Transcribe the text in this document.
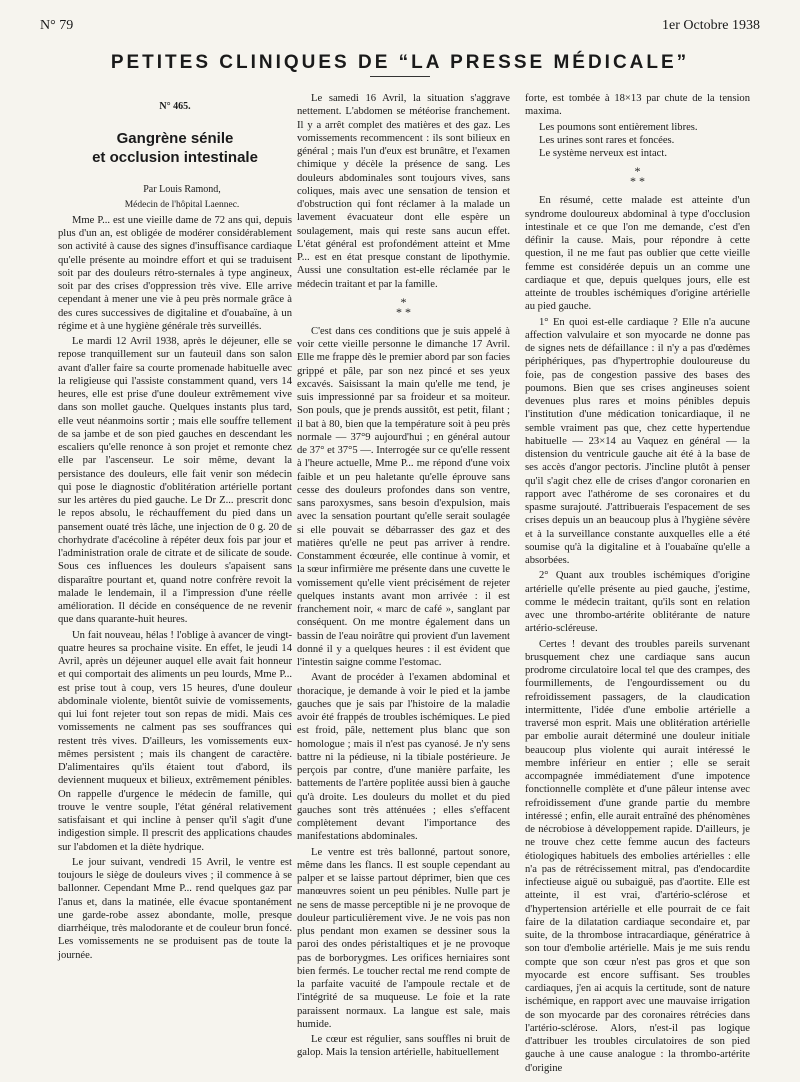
N° 79	1er Octobre 1938
PETITES CLINIQUES DE “LA PRESSE MÉDICALE”
N° 465.
Gangrène sénile
et occlusion intestinale

Par Louis Ramond,

Médecin de l'hôpital Laennec.

Mme P... est une vieille dame de 72 ans qui, depuis plus d'un an, est obligée de modérer considérablement son activité à cause des signes d'insuffisance cardiaque qu'elle présente au moindre effort et qui se traduisent soit par des douleurs rétro-sternales à type angineux, soit par des crises d'oppression très vive. Elle arrive cependant à mener une vie à peu près normale grâce à des cures successives de digitaline et d'ouabaïne, à un régime et à une hygiène générale très surveillés.

Le mardi 12 Avril 1938, après le déjeuner, elle se repose tranquillement sur un fauteuil dans son salon avant d'aller faire sa courte promenade habituelle avec la religieuse qui l'assiste constamment quand, vers 14 heures, elle est prise d'une douleur extrêmement vive dans son mollet gauche. Quelques instants plus tard, elle veut néanmoins sortir ; mais elle souffre tellement de sa jambe et de son pied gauches en descendant les escaliers qu'elle renonce à son projet et remonte chez elle par l'ascenseur. Le soir même, devant la persistance des douleurs, elle fait venir son médecin qui pose le diagnostic d'oblitération artérielle portant sur les artères du pied gauche. Le Dr Z... prescrit donc le repos absolu, le réchauffement du pied dans un pansement ouaté très lâche, une injection de 0 g. 20 de chorhydrate d'acécoline à répéter deux fois par jour et l'administration orale de citrate et de silicate de soude. Sous ces influences les douleurs s'apaisent sans disparaître pourtant et, quand notre confrère revoit la malade le lendemain, il a l'impression d'une réelle amélioration. Il décide en conséquence de ne revenir que dans quarante-huit heures.

Un fait nouveau, hélas ! l'oblige à avancer de vingt-quatre heures sa prochaine visite. En effet, le jeudi 14 Avril, après un déjeuner auquel elle avait fait honneur et qui comportait des aliments un peu lourds, Mme P... est prise tout à coup, vers 15 heures, d'une douleur abdominale violente, bientôt suivie de vomissements, qui lui font rejeter tout son repas de midi. Mais ces vomissements ne calment pas ses souffrances qui restent très vives. D'ailleurs, les vomissements eux-mêmes persistent ; mais ils changent de caractère. D'alimentaires qu'ils étaient tout d'abord, ils deviennent muqueux et bilieux, extrêmement pénibles. On rappelle d'urgence le médecin de famille, qui trouve le ventre souple, l'état général relativement satisfaisant et qui incline à penser qu'il s'agit d'une indigestion simple. Il prescrit des applications chaudes sur l'abdomen et la diète hydrique.

Le jour suivant, vendredi 15 Avril, le ventre est toujours le siège de douleurs vives ; il commence à se ballonner. Cependant Mme P... rend quelques gaz par l'anus et, dans la matinée, elle évacue spontanément une garde-robe assez abondante, molle, presque diarrhéique, très malodorante et de couleur brun foncé. Les vomissements ne se produisent pas de toute la journée.

Le samedi 16 Avril, la situation s'aggrave nettement. L'abdomen se météorise franchement. Il y a arrêt complet des matières et des gaz. Les vomissements recommencent : ils sont bilieux en général ; mais l'un d'eux est brunâtre, et l'examen chimique y décèle la présence de sang. Les douleurs abdominales sont toujours vives, sans coliques, mais avec une sensation de tension et d'obstruction qui font réclamer à la malade un lavement évacuateur dont elle espère un soulagement, mais qui reste sans aucun effet. L'état général est profondément atteint et Mme P... est en état presque constant de lipothymie. Aussi une consultation est-elle réclamée par le médecin traitant et par la famille.

*
* *

C'est dans ces conditions que je suis appelé à voir cette vieille personne le dimanche 17 Avril. Elle me frappe dès le premier abord par son facies grippé et pâle, par son nez pincé et ses yeux excavés. Saisissant la main qu'elle me tend, je suis impressionné par sa froideur et sa moiteur. Son pouls, que je prends aussitôt, est petit, filant ; il bat à 80, bien que la température soit à peu près normale — 37°9 aujourd'hui ; en général autour de 37° et 37°5 —. Interrogée sur ce qu'elle ressent à l'heure actuelle, Mme P... me répond d'une voix faible et un peu haletante qu'elle éprouve sans cesse des douleurs profondes dans son ventre, sans paroxysmes, sans besoin d'expulsion, mais avec la sensation pourtant qu'elle serait soulagée si elle pouvait se débarrasser des gaz et des matières qu'elle ne peut pas arriver à rendre. Constamment écœurée, elle continue à vomir, et la sœur infirmière me présente dans une cuvette le vomissement qu'elle vient précisément de rejeter quelques instants avant mon arrivée : il est franchement noir, « marc de café », sanglant par conséquent. On me montre également dans un bassin de l'eau noirâtre qui provient d'un lavement donné il y a quelques heures : il est évident que l'intestin saigne comme l'estomac.

Avant de procéder à l'examen abdominal et thoracique, je demande à voir le pied et la jambe gauches que je sais par l'histoire de la maladie avoir été frappés de troubles ischémiques. Le pied est froid, pâle, nettement plus blanc que son homologue ; mais il n'est pas cyanosé. Je n'y sens battre ni la pédieuse, ni la tibiale postérieure. Je perçois par contre, d'une manière parfaite, les battements de l'artère poplitée aussi bien à gauche qu'à droite. Les douleurs du mollet et du pied gauches sont très atténuées ; elles s'effacent complètement devant l'importance des manifestations abdominales.

Le ventre est très ballonné, partout sonore, même dans les flancs. Il est souple cependant au palper et se laisse partout déprimer, bien que ces manœuvres soient un peu pénibles. Nulle part je ne sens de masse perceptible ni je ne provoque de douleur particulièrement vive. Je ne vois pas non plus pendant mon examen se dessiner sous la paroi des ondes péristaltiques et je ne provoque pas de borborygmes. Les orifices herniaires sont bien fermés. Le toucher rectal me rend compte de la parfaite vacuité de l'ampoule rectale et de l'intégrité de sa muqueuse. Le foie et la rate paraissent normaux. La langue est sale, mais humide.

Le cœur est régulier, sans souffles ni bruit de galop. Mais la tension artérielle, habituellement

forte, est tombée à 18×13 par chute de la tension maxima.

Les poumons sont entièrement libres.

Les urines sont rares et foncées.

Le système nerveux est intact.

*
* *

En résumé, cette malade est atteinte d'un syndrome douloureux abdominal à type d'occlusion intestinale et ce que l'on me demande, c'est d'en définir la cause. Mais, pour répondre à cette question, il ne me faut pas oublier que cette vieille femme est considérée depuis un an comme une cardiaque et que, depuis quelques jours, elle est atteinte de troubles ischémiques d'origine artérielle au pied gauche.

1° En quoi est-elle cardiaque ? Elle n'a aucune affection valvulaire et son myocarde ne donne pas de signes nets de défaillance : il n'y a pas d'œdèmes périphériques, pas d'hypertrophie douloureuse du foie, pas de congestion passive des bases des poumons. Bien que ses crises angineuses soient devenues plus rares et moins pénibles depuis l'institution d'une médication tonicardiaque, il ne semble vraiment pas que, chez cette hypertendue habituelle — 23×14 au Vaquez en général — la distension du ventricule gauche ait été à la base de ses accès d'angor pectoris. J'incline plutôt à penser qu'il s'agit chez elle de crises d'angor coronarien en rapport avec l'athérome de ses coronaires et du spasme surajouté. J'attribuerais l'espacement de ses crises depuis un an beaucoup plus à l'hygiène sévère et à la surveillance constante auxquelles elle a été soumise qu'à la digitaline et à l'ouabaïne qu'elle a absorbées.

2° Quant aux troubles ischémiques d'origine artérielle qu'elle présente au pied gauche, j'estime, comme le médecin traitant, qu'ils sont en relation avec une thrombo-artérite oblitérante de nature artério-scléreuse.

Certes ! devant des troubles pareils survenant brusquement chez une cardiaque sans aucun prodrome circulatoire local tel que des crampes, des fourmillements, de l'engourdissement ou du refroidissement passagers, de la claudication intermittente, l'idée d'une embolie artérielle a traversé mon esprit. Mais une oblitération artérielle par embolie aurait déterminé une douleur initiale beaucoup plus violente qui aurait intéressé le membre inférieur en entier ; elle se serait accompagnée immédiatement d'une impotence fonctionnelle complète et d'une pâleur intense avec refroidissement d'une grande partie du membre intéressé ; enfin, elle aurait entraîné des phénomènes de nécrobiose à développement rapide. D'ailleurs, je ne trouve chez cette femme aucun des facteurs étiologiques habituels des embolies artérielles : elle n'a pas de rétrécissement mitral, pas d'endocardite infectieuse aiguë ou subaiguë, pas d'aortite. Elle est atteinte, il est vrai, d'artério-sclérose et d'hypertension artérielle et elle pourrait de ce fait faire de la dilatation cardiaque secondaire et, par suite, de la thrombose intracardiaque, génératrice à son tour d'embolie artérielle. Mais je me suis rendu compte que son cœur n'est pas gros et que son myocarde est encore suffisant. Ses troubles cardiaques, j'en ai acquis la certitude, sont de nature ischémique, en rapport avec une mauvaise irrigation de son myocarde par des coronaires rétrécies dans l'artério-sclérose. Alors, n'est-il pas logique d'attribuer les troubles circulatoires de son pied gauche à une cause analogue : la thrombo-artérite d'origine
